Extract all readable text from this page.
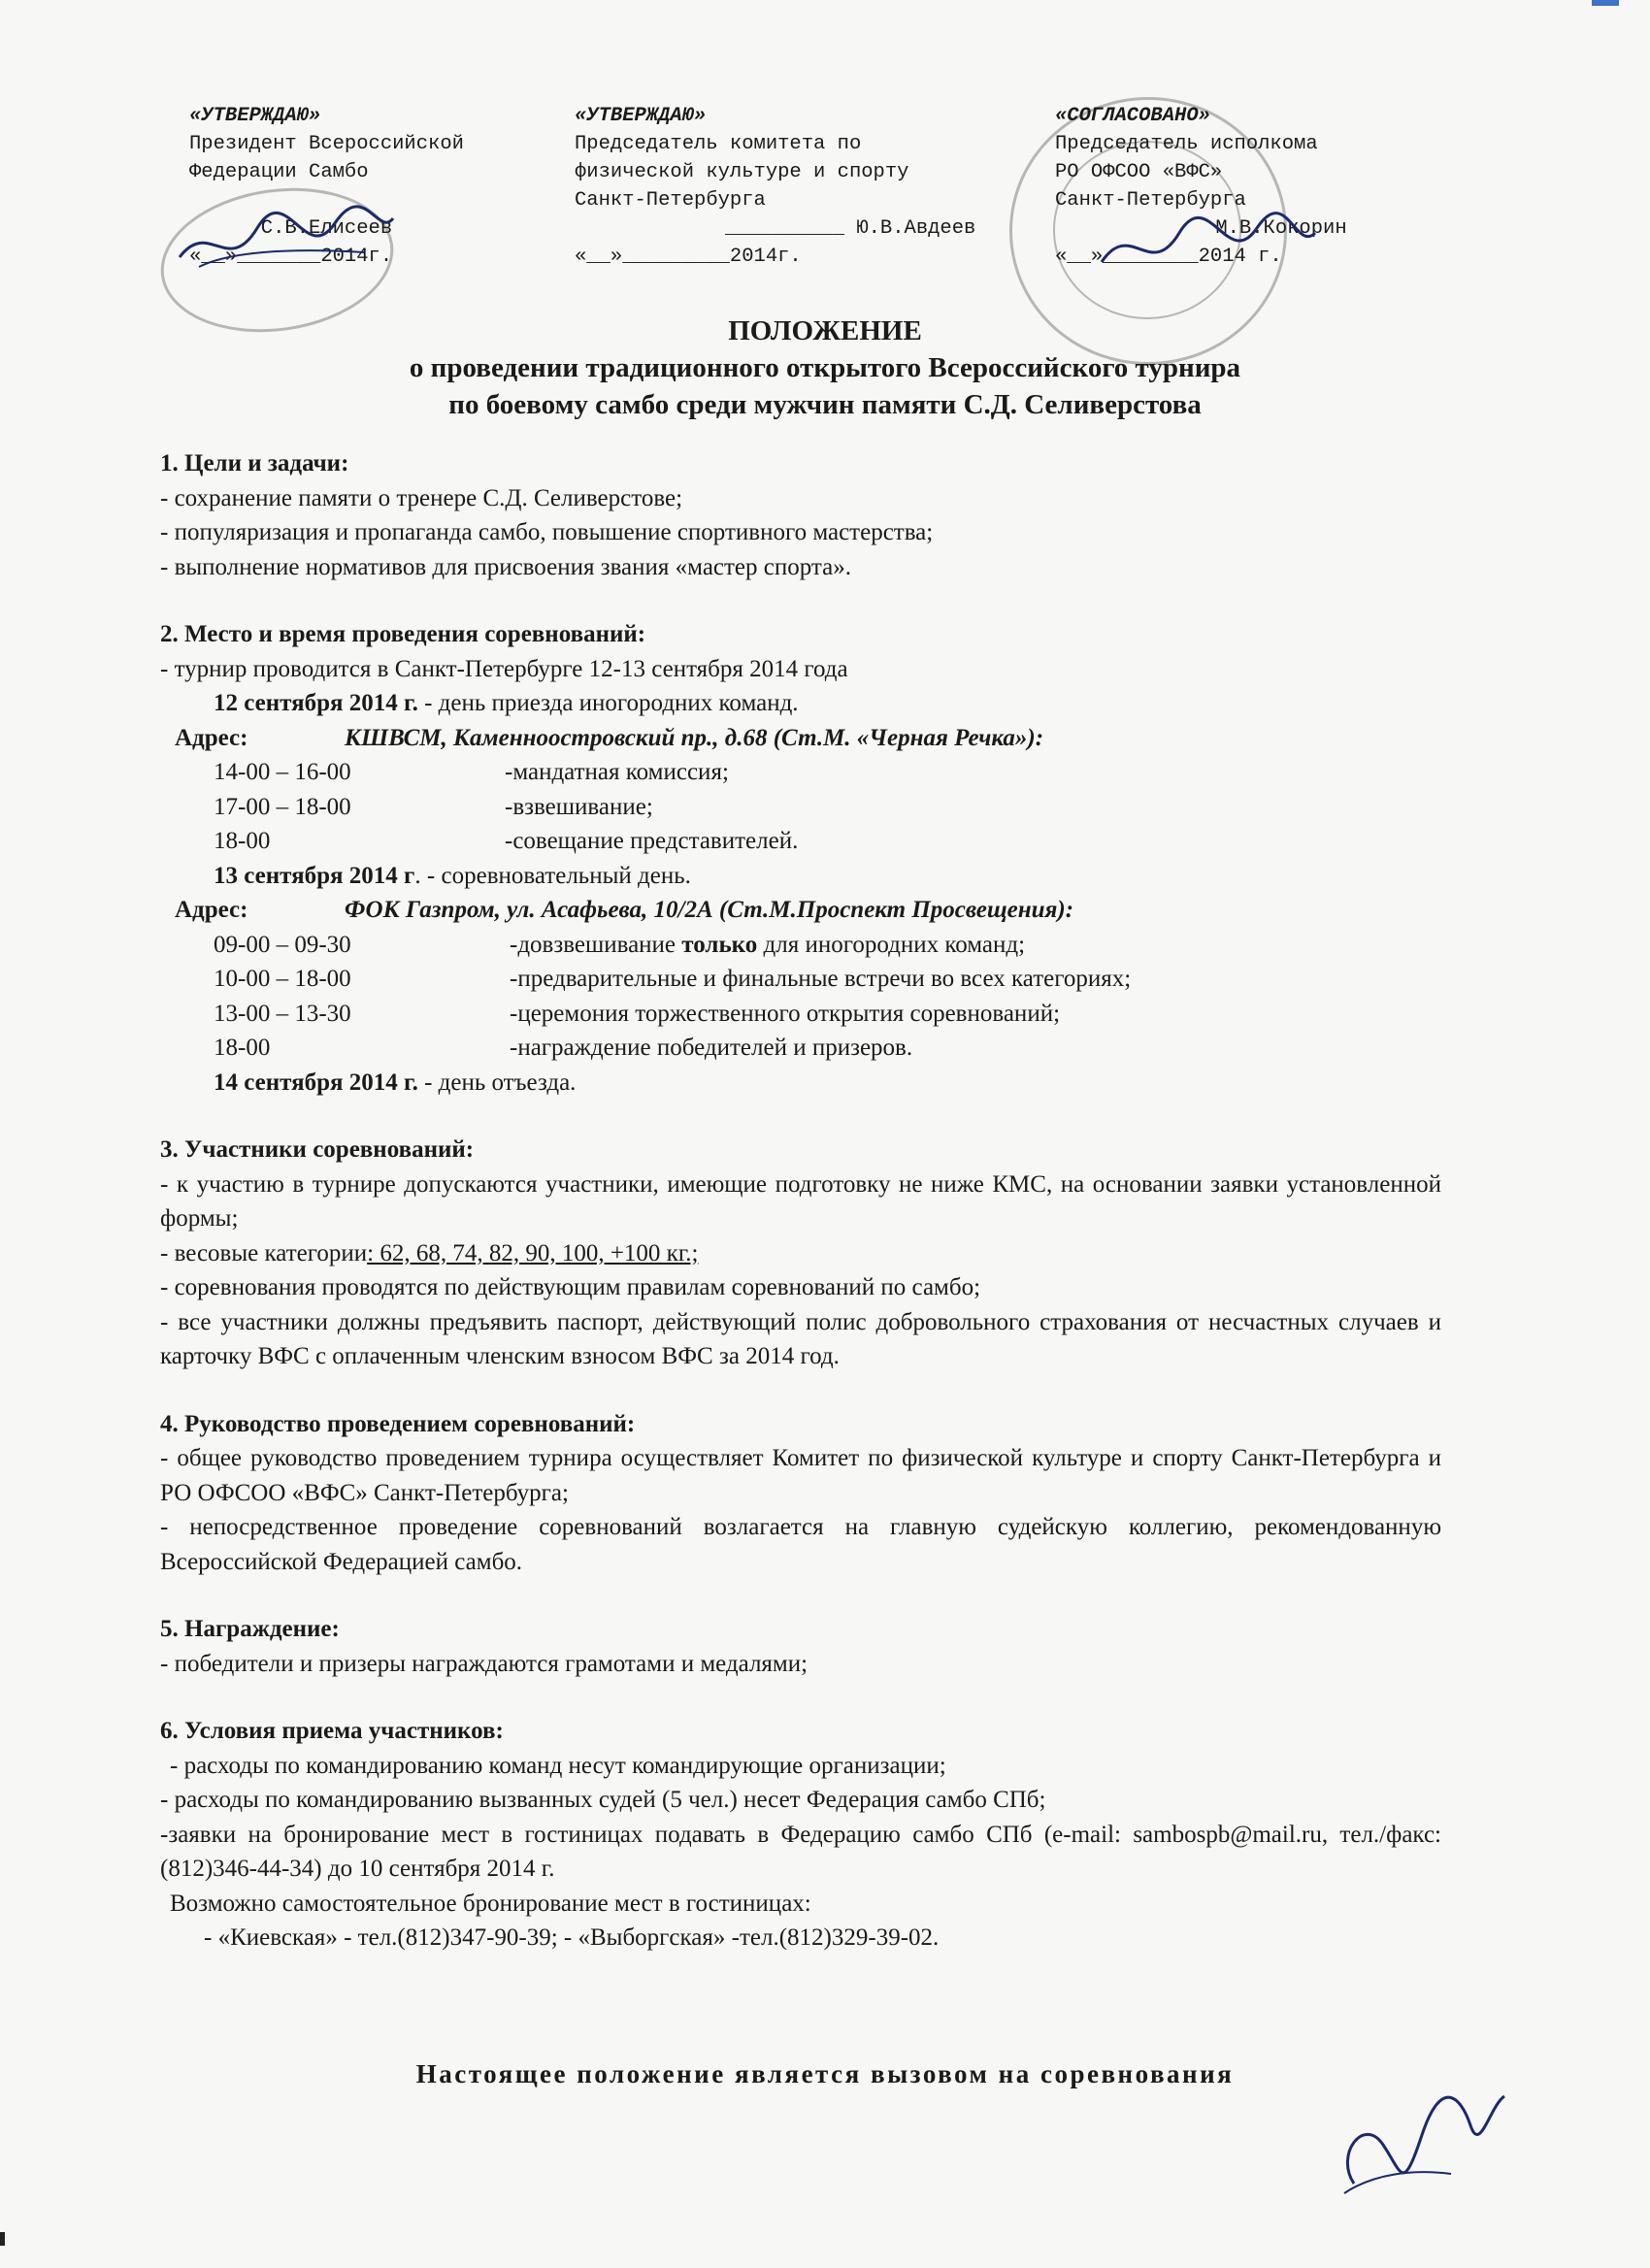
«УТВЕРЖДАЮ»
Президент Всероссийской
Федерации Самбо
С.В.Елисеев
«__»_______2014г.
«УТВЕРЖДАЮ»
Председатель комитета по
физической культуре и спорту
Санкт-Петербурга
__________ Ю.В.Авдеев
«__»_________2014г.
«СОГЛАСОВАНО»
Председатель исполкома
РО ОФСОО «ВФС»
Санкт-Петербурга
М.В.Кокорин
«__»________2014 г.
ПОЛОЖЕНИЕ
о проведении традиционного открытого Всероссийского турнира
по боевому самбо среди мужчин памяти С.Д. Селиверстова

1. Цели и задачи:

- сохранение памяти о тренере С.Д. Селиверстове;

- популяризация и пропаганда самбо, повышение спортивного мастерства;

- выполнение нормативов для присвоения звания «мастер спорта».

2. Место и время проведения соревнований:

- турнир проводится в Санкт-Петербурге 12-13 сентября 2014 года

12 сентября 2014 г. - день приезда иногородних команд.

Адрес:	КШВСМ, Каменноостровский пр., д.68 (Ст.М. «Черная Речка»):

14-00 – 16-00	-мандатная комиссия;

17-00 – 18-00	-взвешивание;

18-00	-совещание представителей.

13 сентября 2014 г. - соревновательный день.

Адрес:	ФОК Газпром, ул. Асафьева, 10/2А (Ст.М.Проспект Просвещения):

09-00 – 09-30	-довзвешивание только для иногородних команд;

10-00 – 18-00	-предварительные и финальные встречи во всех категориях;

13-00 – 13-30	-церемония торжественного открытия соревнований;

18-00	-награждение победителей и призеров.

14 сентября 2014 г. - день отъезда.

3. Участники соревнований:

- к участию в турнире допускаются участники, имеющие подготовку не ниже КМС, на основании заявки установленной формы;

- весовые категории: 62, 68, 74, 82, 90, 100, +100 кг.;

- соревнования проводятся по действующим правилам соревнований по самбо;

- все участники должны предъявить паспорт, действующий полис добровольного страхования от несчастных случаев и карточку ВФС с оплаченным членским взносом ВФС за 2014 год.

4. Руководство проведением соревнований:

- общее руководство проведением турнира осуществляет Комитет по физической культуре и спорту Санкт-Петербурга и РО ОФСОО «ВФС» Санкт-Петербурга;

- непосредственное проведение соревнований возлагается на главную судейскую коллегию, рекомендованную Всероссийской Федерацией самбо.

5. Награждение:

- победители и призеры награждаются грамотами и медалями;

6. Условия приема участников:

- расходы по командированию команд несут командирующие организации;

- расходы по командированию вызванных судей (5 чел.) несет Федерация самбо СПб;

-заявки на бронирование мест в гостиницах подавать в Федерацию самбо СПб (e-mail: sambospb@mail.ru, тел./факс:(812)346-44-34) до 10 сентября 2014 г.

Возможно самостоятельное бронирование мест в гостиницах:

- «Киевская» - тел.(812)347-90-39; - «Выборгская» -тел.(812)329-39-02.

Настоящее положение является вызовом на соревнования
